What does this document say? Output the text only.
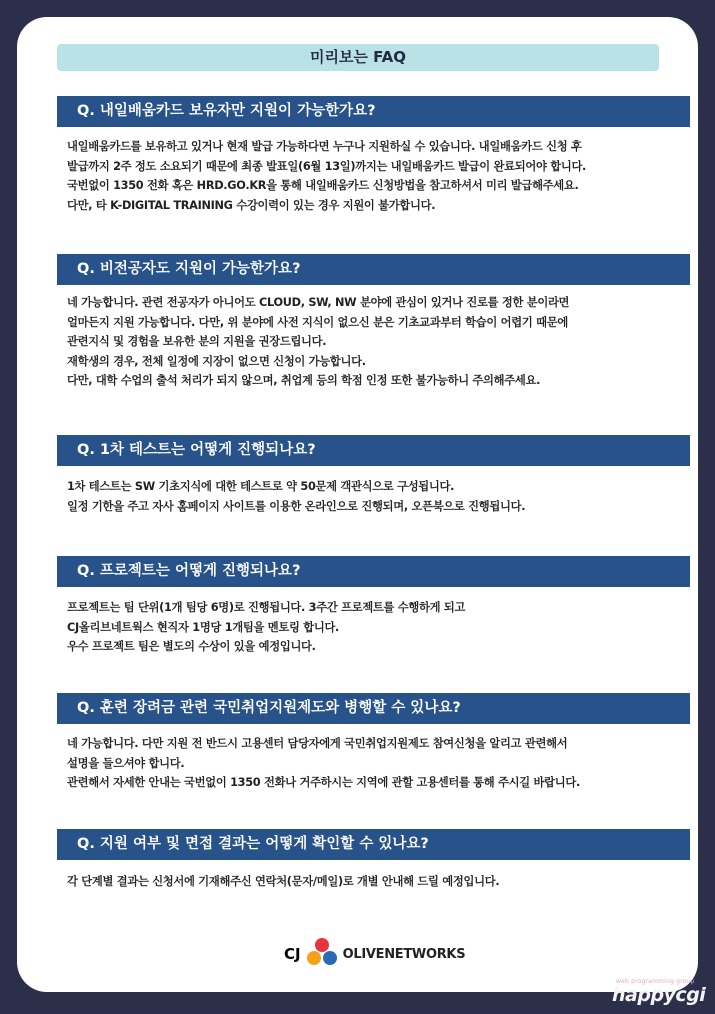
미리보는 FAQ
Q. 내일배움카드 보유자만 지원이 가능한가요?
내일배움카드를 보유하고 있거나 현재 발급 가능하다면 누구나 지원하실 수 있습니다. 내일배움카드 신청 후
발급까지 2주 정도 소요되기 때문에 최종 발표일(6월 13일)까지는 내일배움카드 발급이 완료되어야 합니다.
국번없이 1350 전화 혹은 HRD.GO.KR을 통해 내일배움카드 신청방법을 참고하셔서 미리 발급해주세요.
다만, 타 K-DIGITAL TRAINING 수강이력이 있는 경우 지원이 불가합니다.
Q. 비전공자도 지원이 가능한가요?
네 가능합니다. 관련 전공자가 아니어도 CLOUD, SW, NW 분야에 관심이 있거나 진로를 정한 분이라면
얼마든지 지원 가능합니다. 다만, 위 분야에 사전 지식이 없으신 분은 기초교과부터 학습이 어렵기 때문에
관련지식 및 경험을 보유한 분의 지원을 권장드립니다.
재학생의 경우, 전체 일정에 지장이 없으면 신청이 가능합니다.
다만, 대학 수업의 출석 처리가 되지 않으며, 취업계 등의 학점 인정 또한 불가능하니 주의해주세요.
Q. 1차 테스트는 어떻게 진행되나요?
1차 테스트는 SW 기초지식에 대한 테스트로 약 50문제 객관식으로 구성됩니다.
일정 기한을 주고 자사 홈페이지 사이트를 이용한 온라인으로 진행되며, 오픈북으로 진행됩니다.
Q. 프로젝트는 어떻게 진행되나요?
프로젝트는 팀 단위(1개 팀당 6명)로 진행됩니다. 3주간 프로젝트를 수행하게 되고
CJ올리브네트웍스 현직자 1명당 1개팀을 멘토링 합니다.
우수 프로젝트 팀은 별도의 수상이 있을 예정입니다.
Q. 훈련 장려금 관련 국민취업지원제도와 병행할 수 있나요?
네 가능합니다. 다만 지원 전 반드시 고용센터 담당자에게 국민취업지원제도 참여신청을 알리고 관련해서
설명을 들으셔야 합니다.
관련해서 자세한 안내는 국번없이 1350 전화나 거주하시는 지역에 관할 고용센터를 통해 주시길 바랍니다.
Q. 지원 여부 및 면접 결과는 어떻게 확인할 수 있나요?
각 단계별 결과는 신청서에 기재해주신 연락처(문자/메일)로 개별 안내해 드릴 예정입니다.
CJ	OLIVENETWORKS
web programming group
happycgi
